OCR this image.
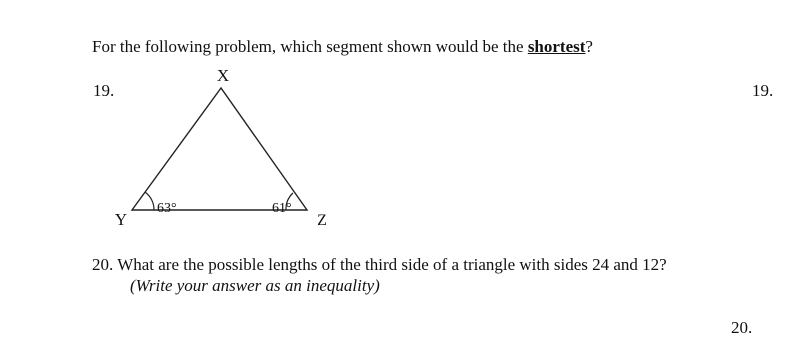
For the following problem, which segment shown would be the shortest?
19.	19.
X
Y	Z
63°	61°
20. What are the possible lengths of the third side of a triangle with sides 24 and 12?
(Write your answer as an inequality)
20.
